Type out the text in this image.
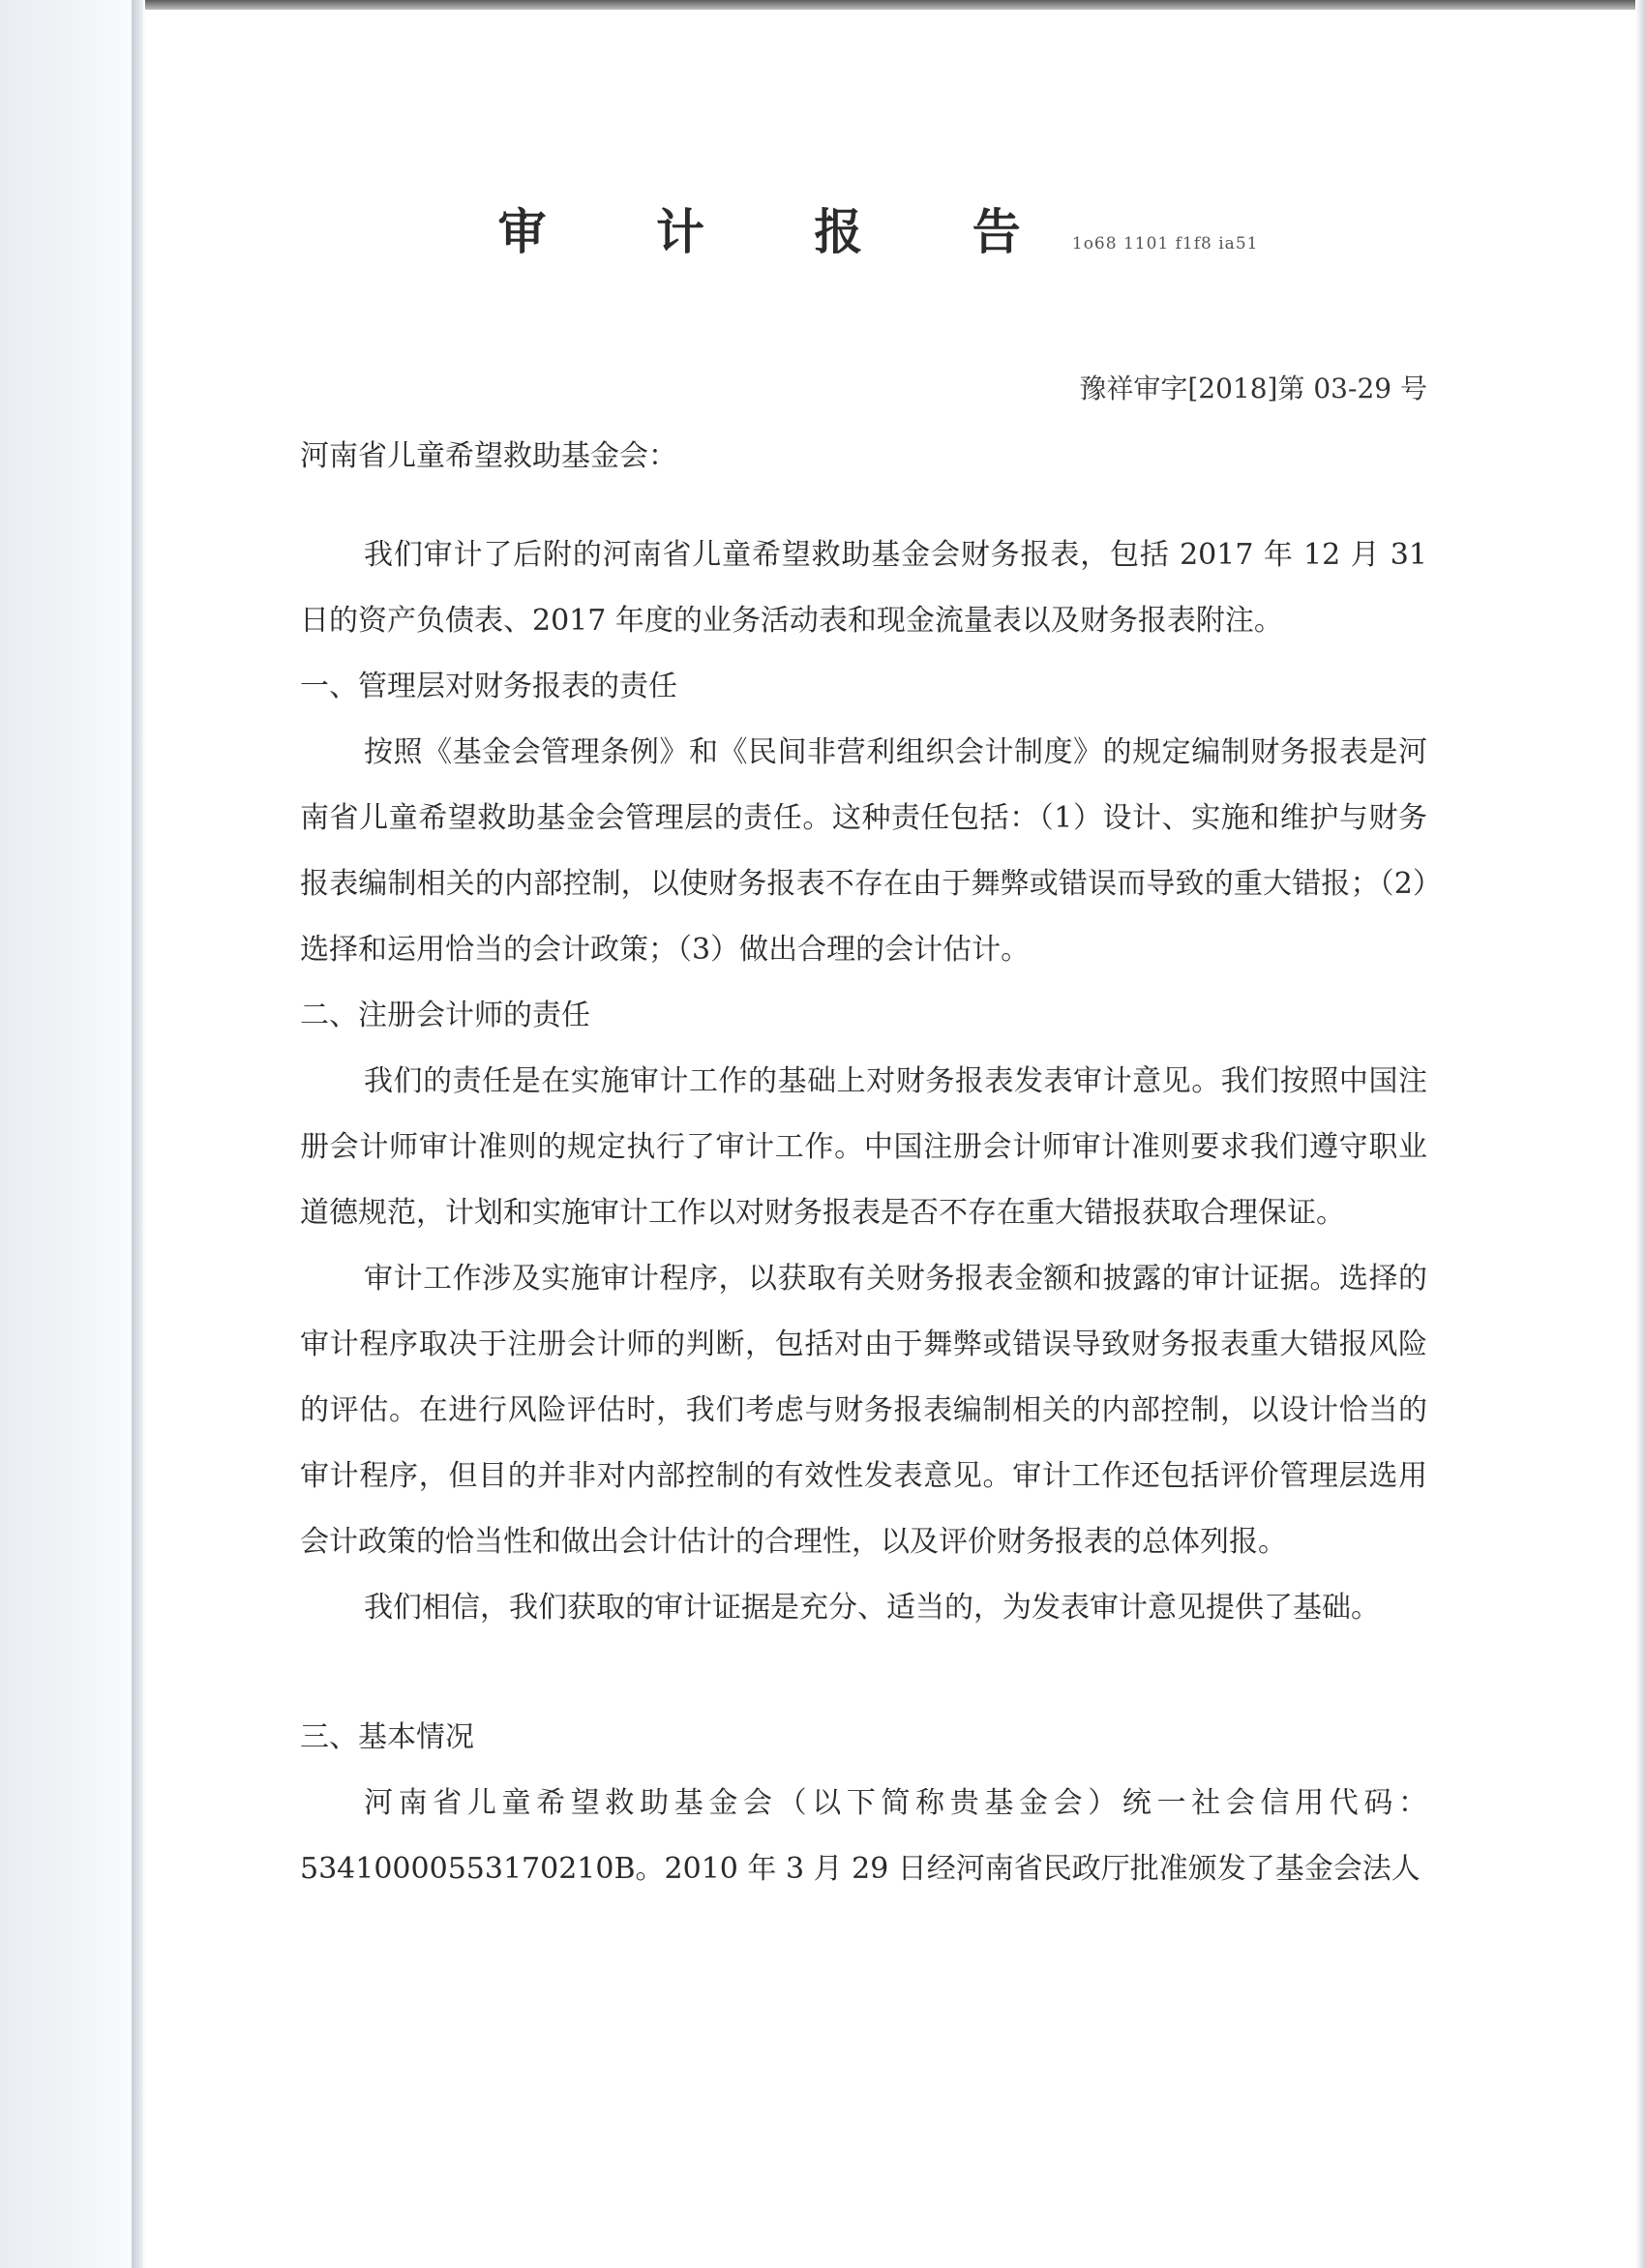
审 计 报 告 1o68 1101 f1f8 ia51
豫祥审字[2018]第 03-29 号
河南省儿童希望救助基金会：

我们审计了后附的河南省儿童希望救助基金会财务报表，包括 2017 年 12 月 31 日的资产负债表、2017 年度的业务活动表和现金流量表以及财务报表附注。

一、管理层对财务报表的责任

按照《基金会管理条例》和《民间非营利组织会计制度》的规定编制财务报表是河南省儿童希望救助基金会管理层的责任。这种责任包括：（1）设计、实施和维护与财务报表编制相关的内部控制，以使财务报表不存在由于舞弊或错误而导致的重大错报；（2）选择和运用恰当的会计政策；（3）做出合理的会计估计。

二、注册会计师的责任

我们的责任是在实施审计工作的基础上对财务报表发表审计意见。我们按照中国注册会计师审计准则的规定执行了审计工作。中国注册会计师审计准则要求我们遵守职业道德规范，计划和实施审计工作以对财务报表是否不存在重大错报获取合理保证。

审计工作涉及实施审计程序，以获取有关财务报表金额和披露的审计证据。选择的审计程序取决于注册会计师的判断，包括对由于舞弊或错误导致财务报表重大错报风险的评估。在进行风险评估时，我们考虑与财务报表编制相关的内部控制，以设计恰当的审计程序，但目的并非对内部控制的有效性发表意见。审计工作还包括评价管理层选用会计政策的恰当性和做出会计估计的合理性，以及评价财务报表的总体列报。

我们相信，我们获取的审计证据是充分、适当的，为发表审计意见提供了基础。

三、基本情况

河南省儿童希望救助基金会（以下简称贵基金会）统一社会信用代码：53410000553170210B。2010 年 3 月 29 日经河南省民政厅批准颁发了基金会法人
